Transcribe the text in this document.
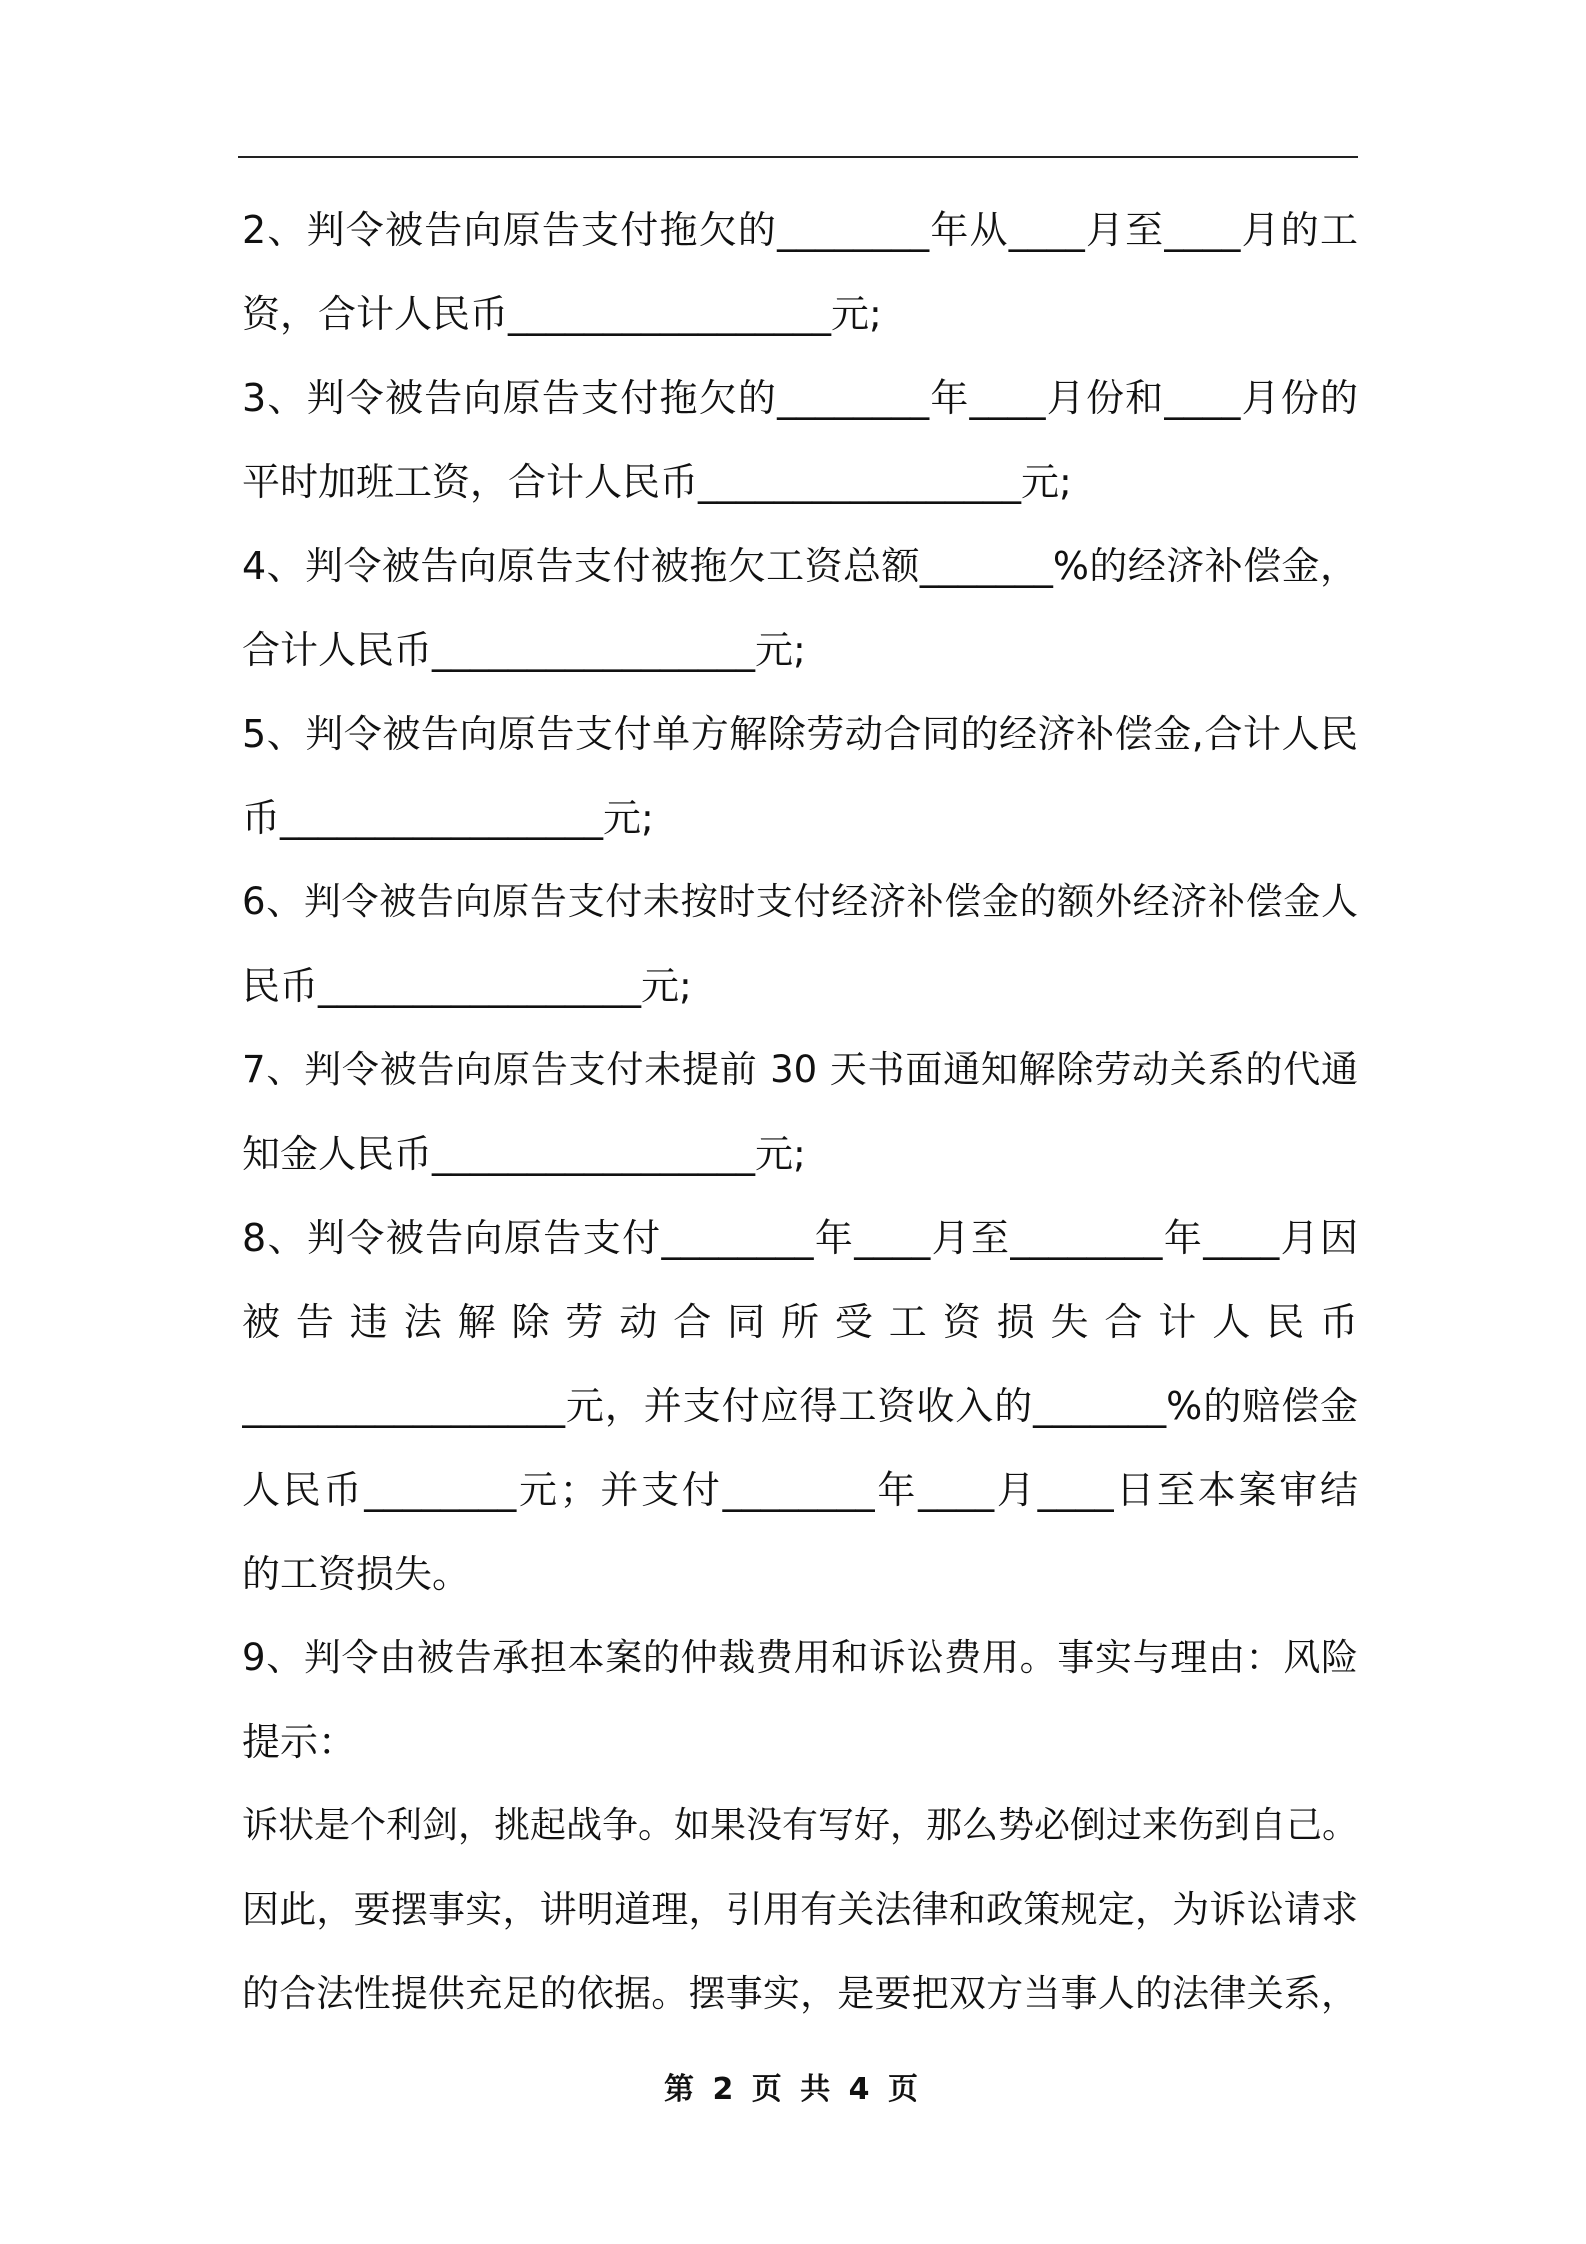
2、判令被告向原告支付拖欠的________年从____月至____月的工
资，合计人民币_________________元;
3、判令被告向原告支付拖欠的________年____月份和____月份的
平时加班工资，合计人民币_________________元;
4、判令被告向原告支付被拖欠工资总额_______%的经济补偿金，
合计人民币_________________元;
5、判令被告向原告支付单方解除劳动合同的经济补偿金,合计人民
币_________________元;
6、判令被告向原告支付未按时支付经济补偿金的额外经济补偿金人
民币_________________元;
7、判令被告向原告支付未提前 30 天书面通知解除劳动关系的代通
知金人民币_________________元;
8、判令被告向原告支付________年____月至________年____月因
被 告 违 法 解 除 劳 动 合 同 所 受 工 资 损 失 合 计 人 民 币
_________________元，并支付应得工资收入的_______%的赔偿金
人民币________元；并支付________年____月____日至本案审结
的工资损失。
9、判令由被告承担本案的仲裁费用和诉讼费用。事实与理由：风险
提示：
诉状是个利剑，挑起战争。如果没有写好，那么势必倒过来伤到自己。
因此，要摆事实，讲明道理，引用有关法律和政策规定，为诉讼请求
的合法性提供充足的依据。摆事实，是要把双方当事人的法律关系，
第 2 页 共 4 页
